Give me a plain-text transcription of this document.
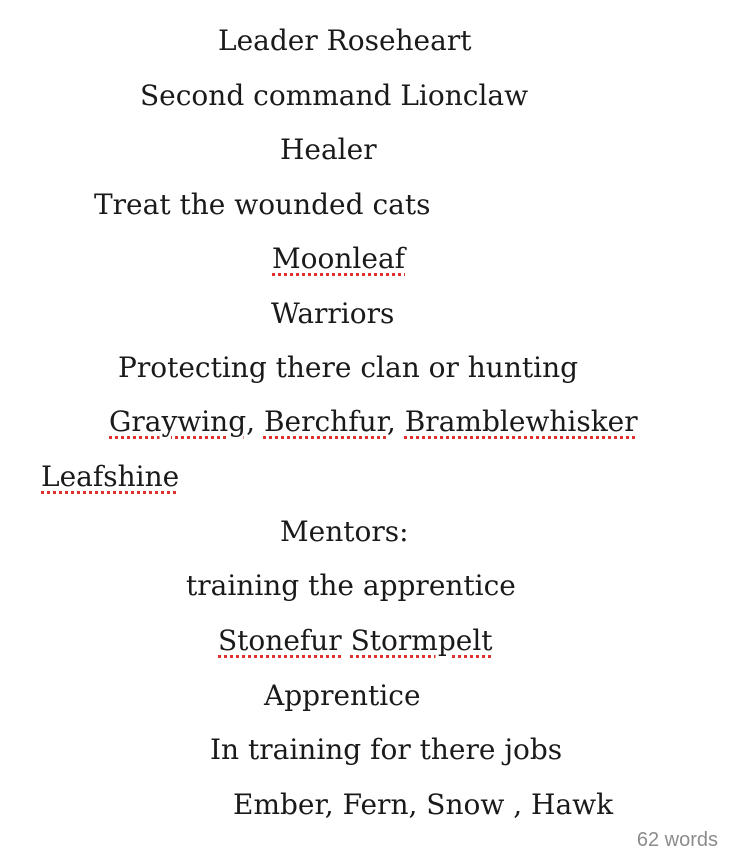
Leader Roseheart
Second command Lionclaw
Healer
Treat the wounded cats
Moonleaf
Warriors
Protecting there clan or hunting
Graywing, Berchfur, Bramblewhisker
Leafshine
Mentors:
training the apprentice
Stonefur Stormpelt
Apprentice
In training for there jobs
Ember, Fern, Snow , Hawk
62 words
